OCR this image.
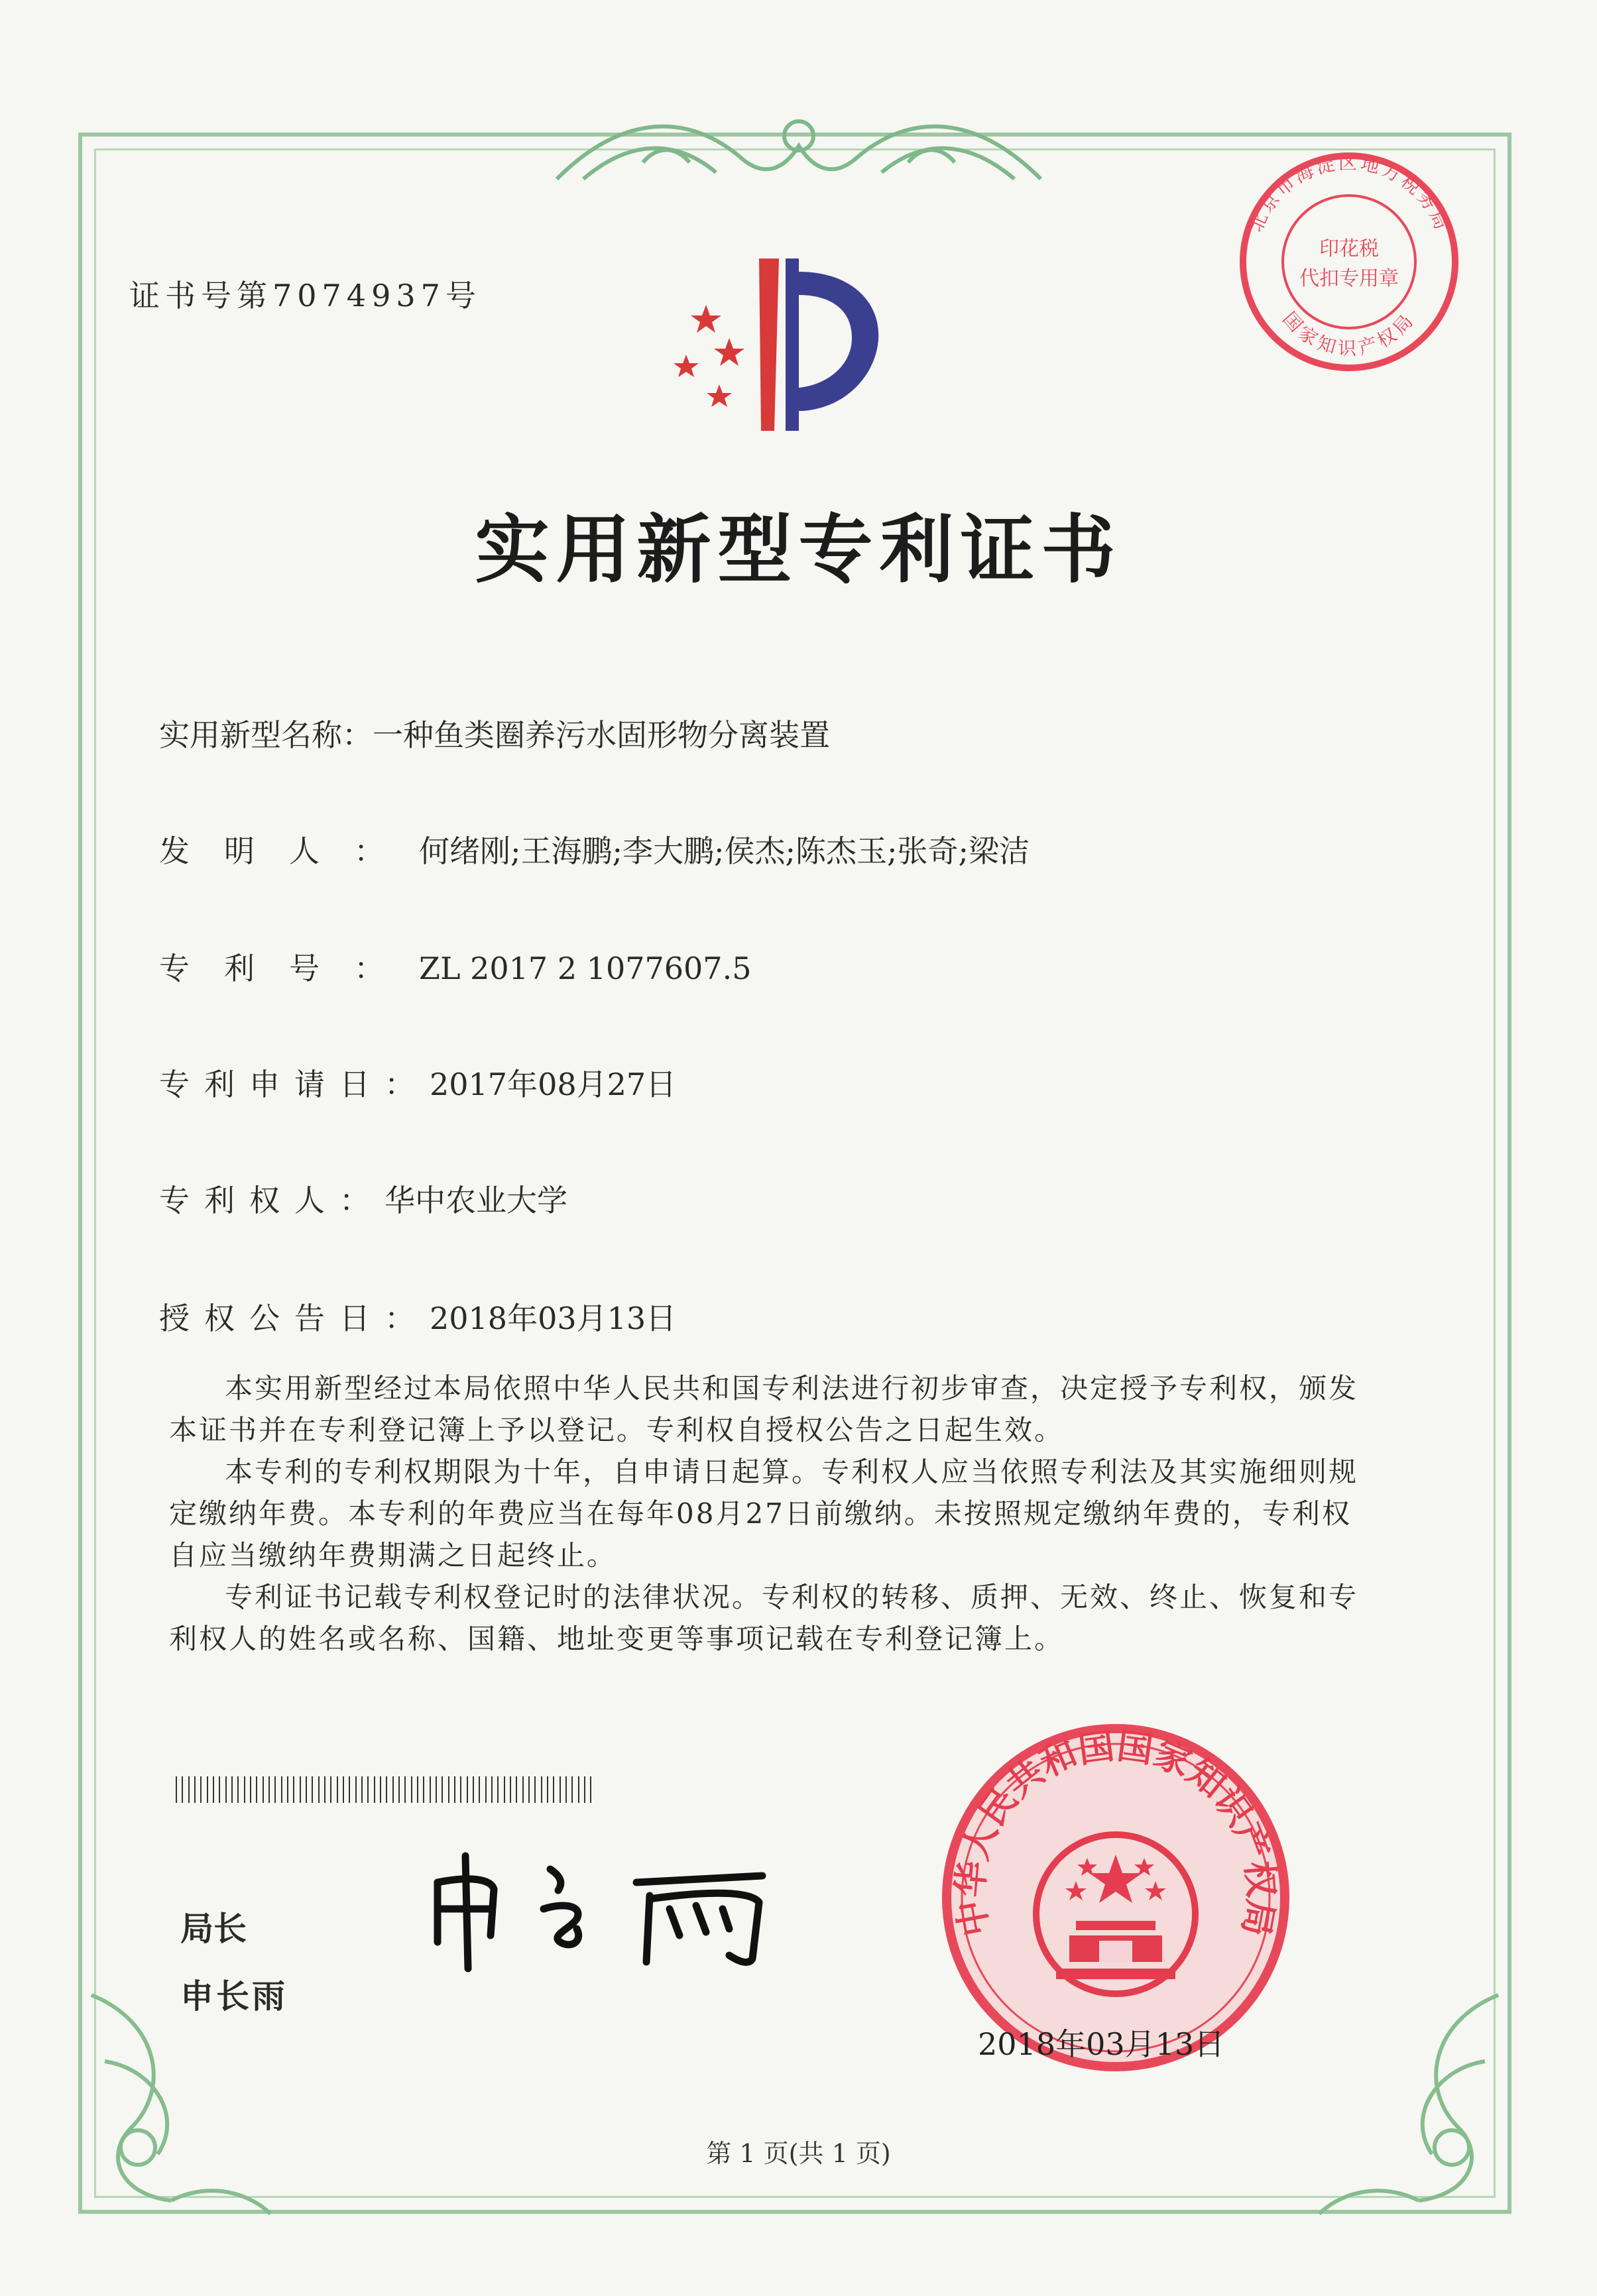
证书号第7074937号
北京市海淀区地方税务局
国家知识产权局
印花税
代扣专用章
实用新型专利证书
实用新型名称：一种鱼类圈养污水固形物分离装置
发明人：何绪刚;王海鹏;李大鹏;侯杰;陈杰玉;张奇;梁洁
专利号：ZL 2017 2 1077607.5
专利申请日：2017年08月27日
专利权人：华中农业大学
授权公告日：2018年03月13日

本实用新型经过本局依照中华人民共和国专利法进行初步审查，决定授予专利权，颁发本证书并在专利登记簿上予以登记。专利权自授权公告之日起生效。

本专利的专利权期限为十年，自申请日起算。专利权人应当依照专利法及其实施细则规定缴纳年费。本专利的年费应当在每年08月27日前缴纳。未按照规定缴纳年费的，专利权自应当缴纳年费期满之日起终止。

专利证书记载专利权登记时的法律状况。专利权的转移、质押、无效、终止、恢复和专利权人的姓名或名称、国籍、地址变更等事项记载在专利登记簿上。

局长
申长雨
中华人民共和国国家知识产权局
2018年03月13日
第 1 页(共 1 页)
